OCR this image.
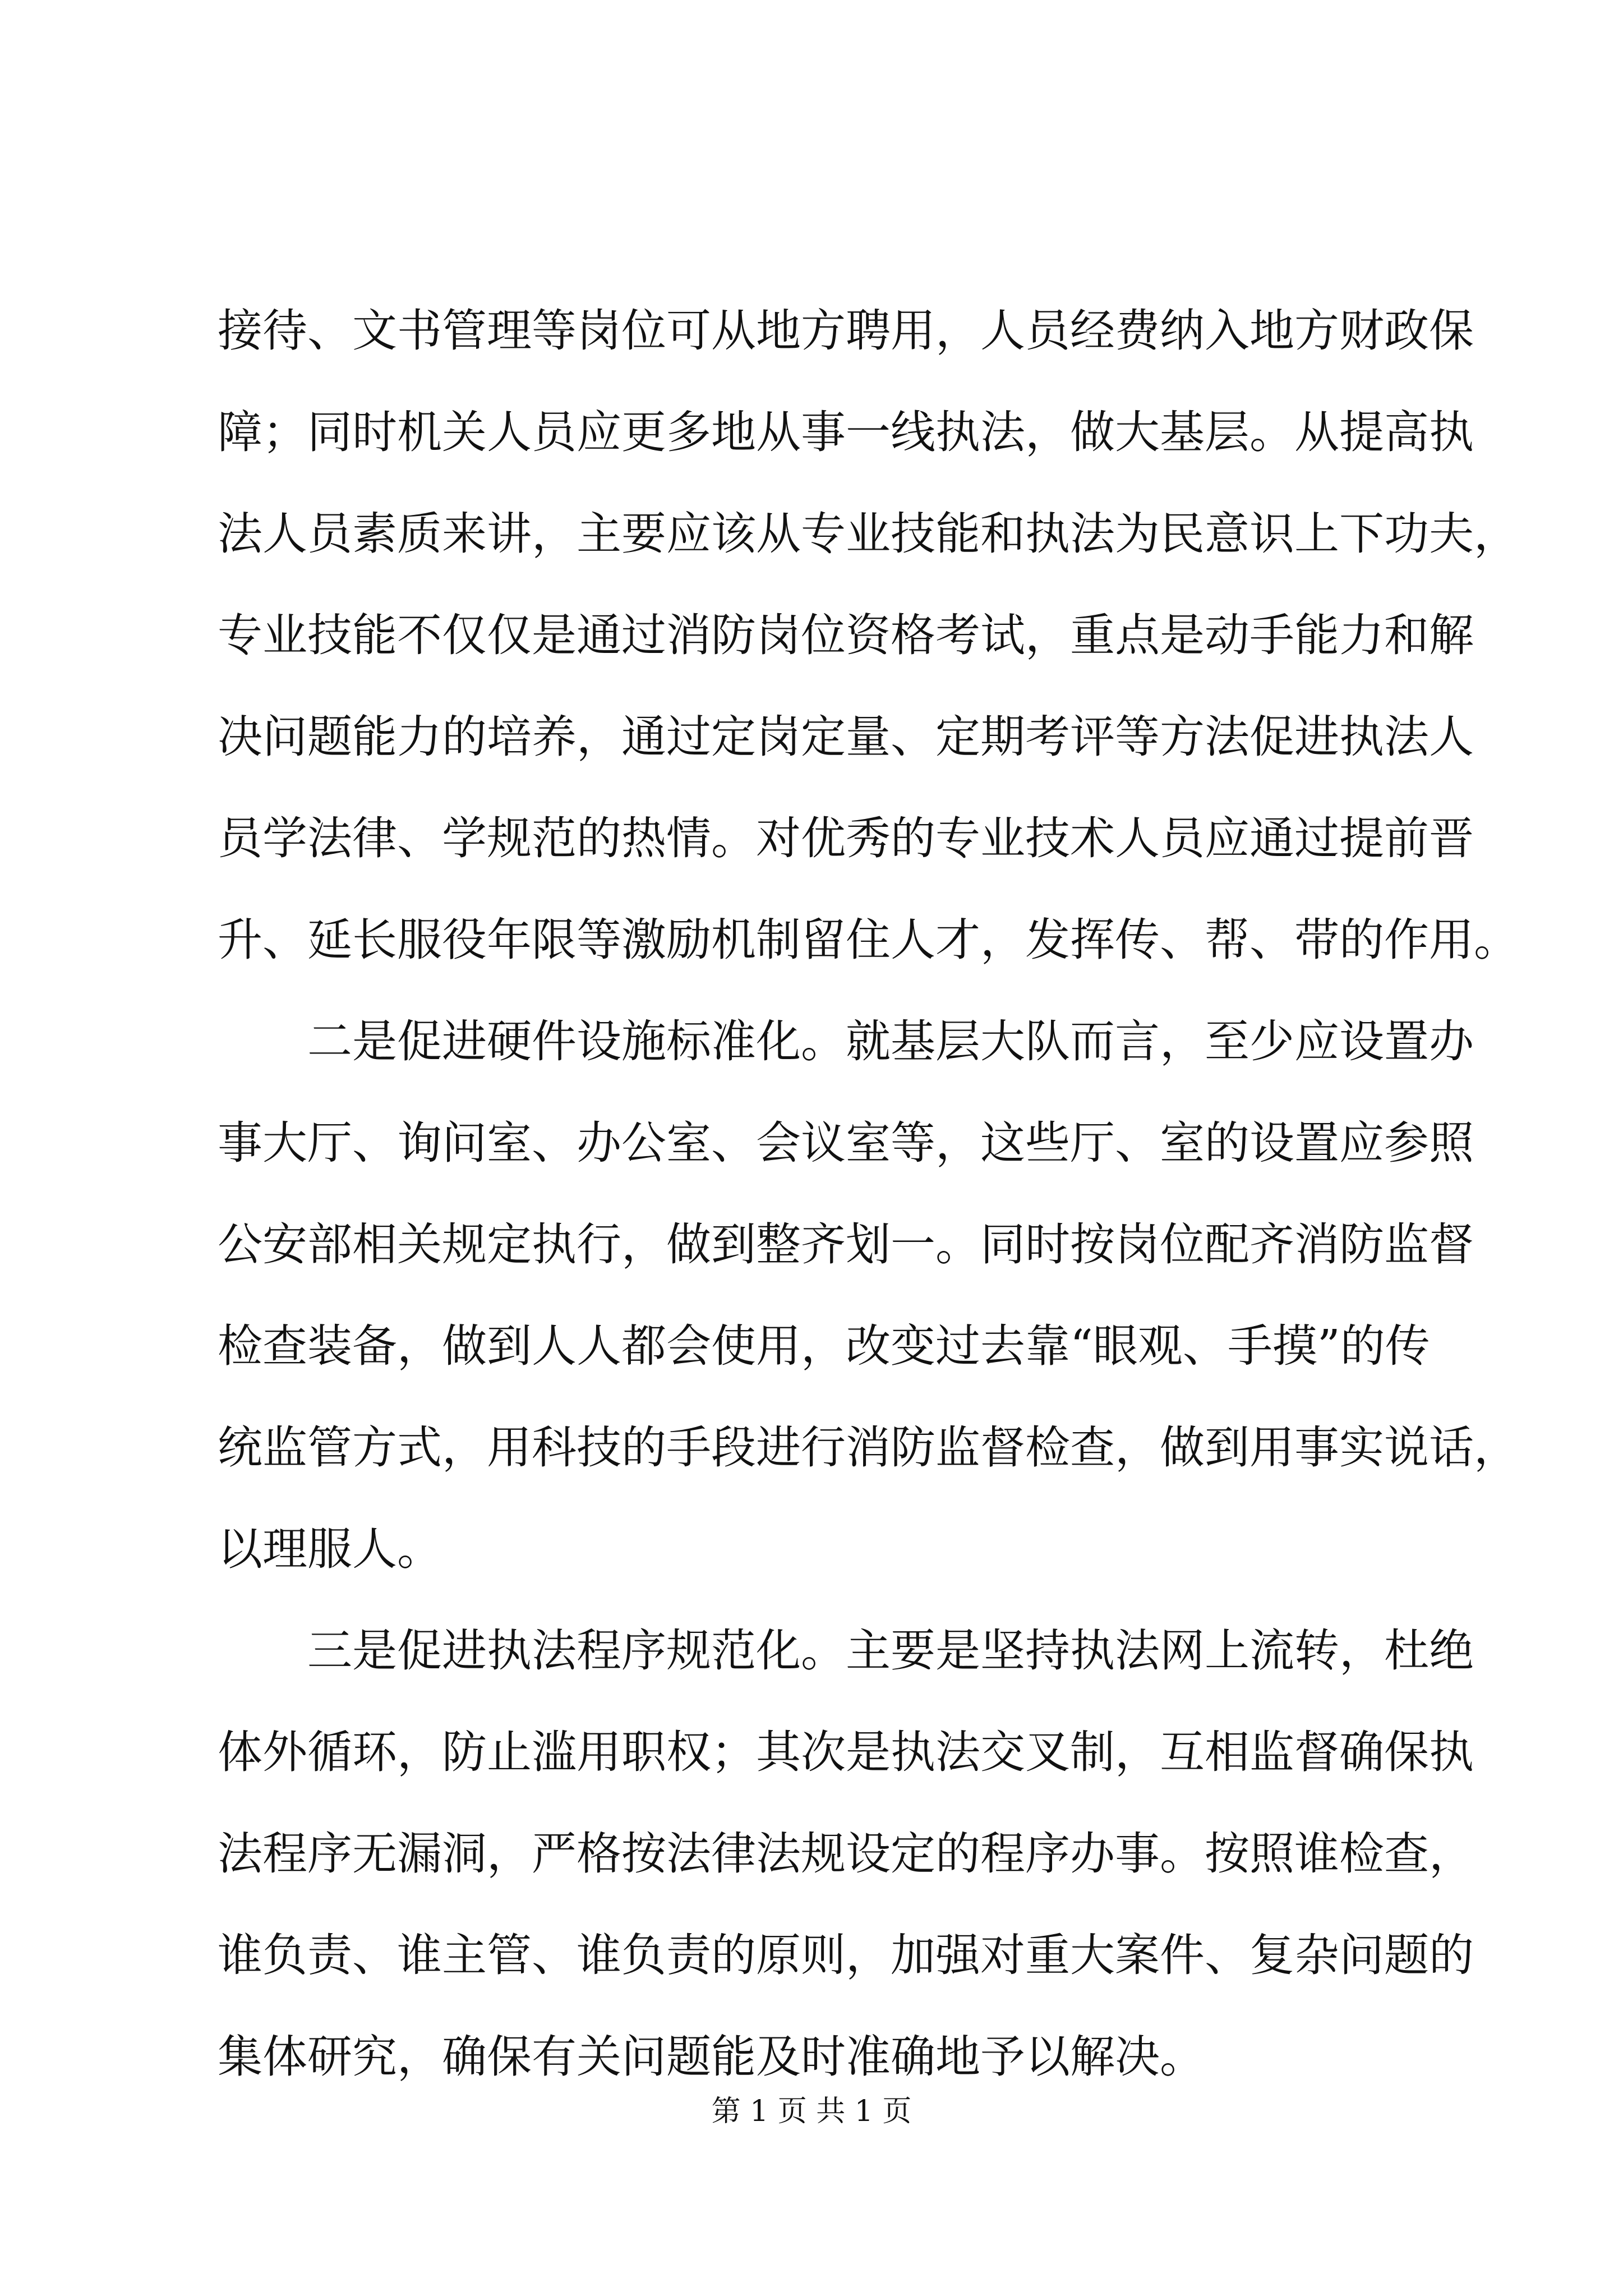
接待、文书管理等岗位可从地方聘用，人员经费纳入地方财政保
障；同时机关人员应更多地从事一线执法，做大基层。从提高执
法人员素质来讲，主要应该从专业技能和执法为民意识上下功夫，
专业技能不仅仅是通过消防岗位资格考试，重点是动手能力和解
决问题能力的培养，通过定岗定量、定期考评等方法促进执法人
员学法律、学规范的热情。对优秀的专业技术人员应通过提前晋
升、延长服役年限等激励机制留住人才，发挥传、帮、带的作用。
　　二是促进硬件设施标准化。就基层大队而言，至少应设置办
事大厅、询问室、办公室、会议室等，这些厅、室的设置应参照
公安部相关规定执行，做到整齐划一。同时按岗位配齐消防监督
检查装备，做到人人都会使用，改变过去靠“眼观、手摸”的传
统监管方式，用科技的手段进行消防监督检查，做到用事实说话，
以理服人。
　　三是促进执法程序规范化。主要是坚持执法网上流转，杜绝
体外循环，防止滥用职权；其次是执法交叉制，互相监督确保执
法程序无漏洞，严格按法律法规设定的程序办事。按照谁检查，
谁负责、谁主管、谁负责的原则，加强对重大案件、复杂问题的
集体研究，确保有关问题能及时准确地予以解决。
第 1 页 共 1 页
